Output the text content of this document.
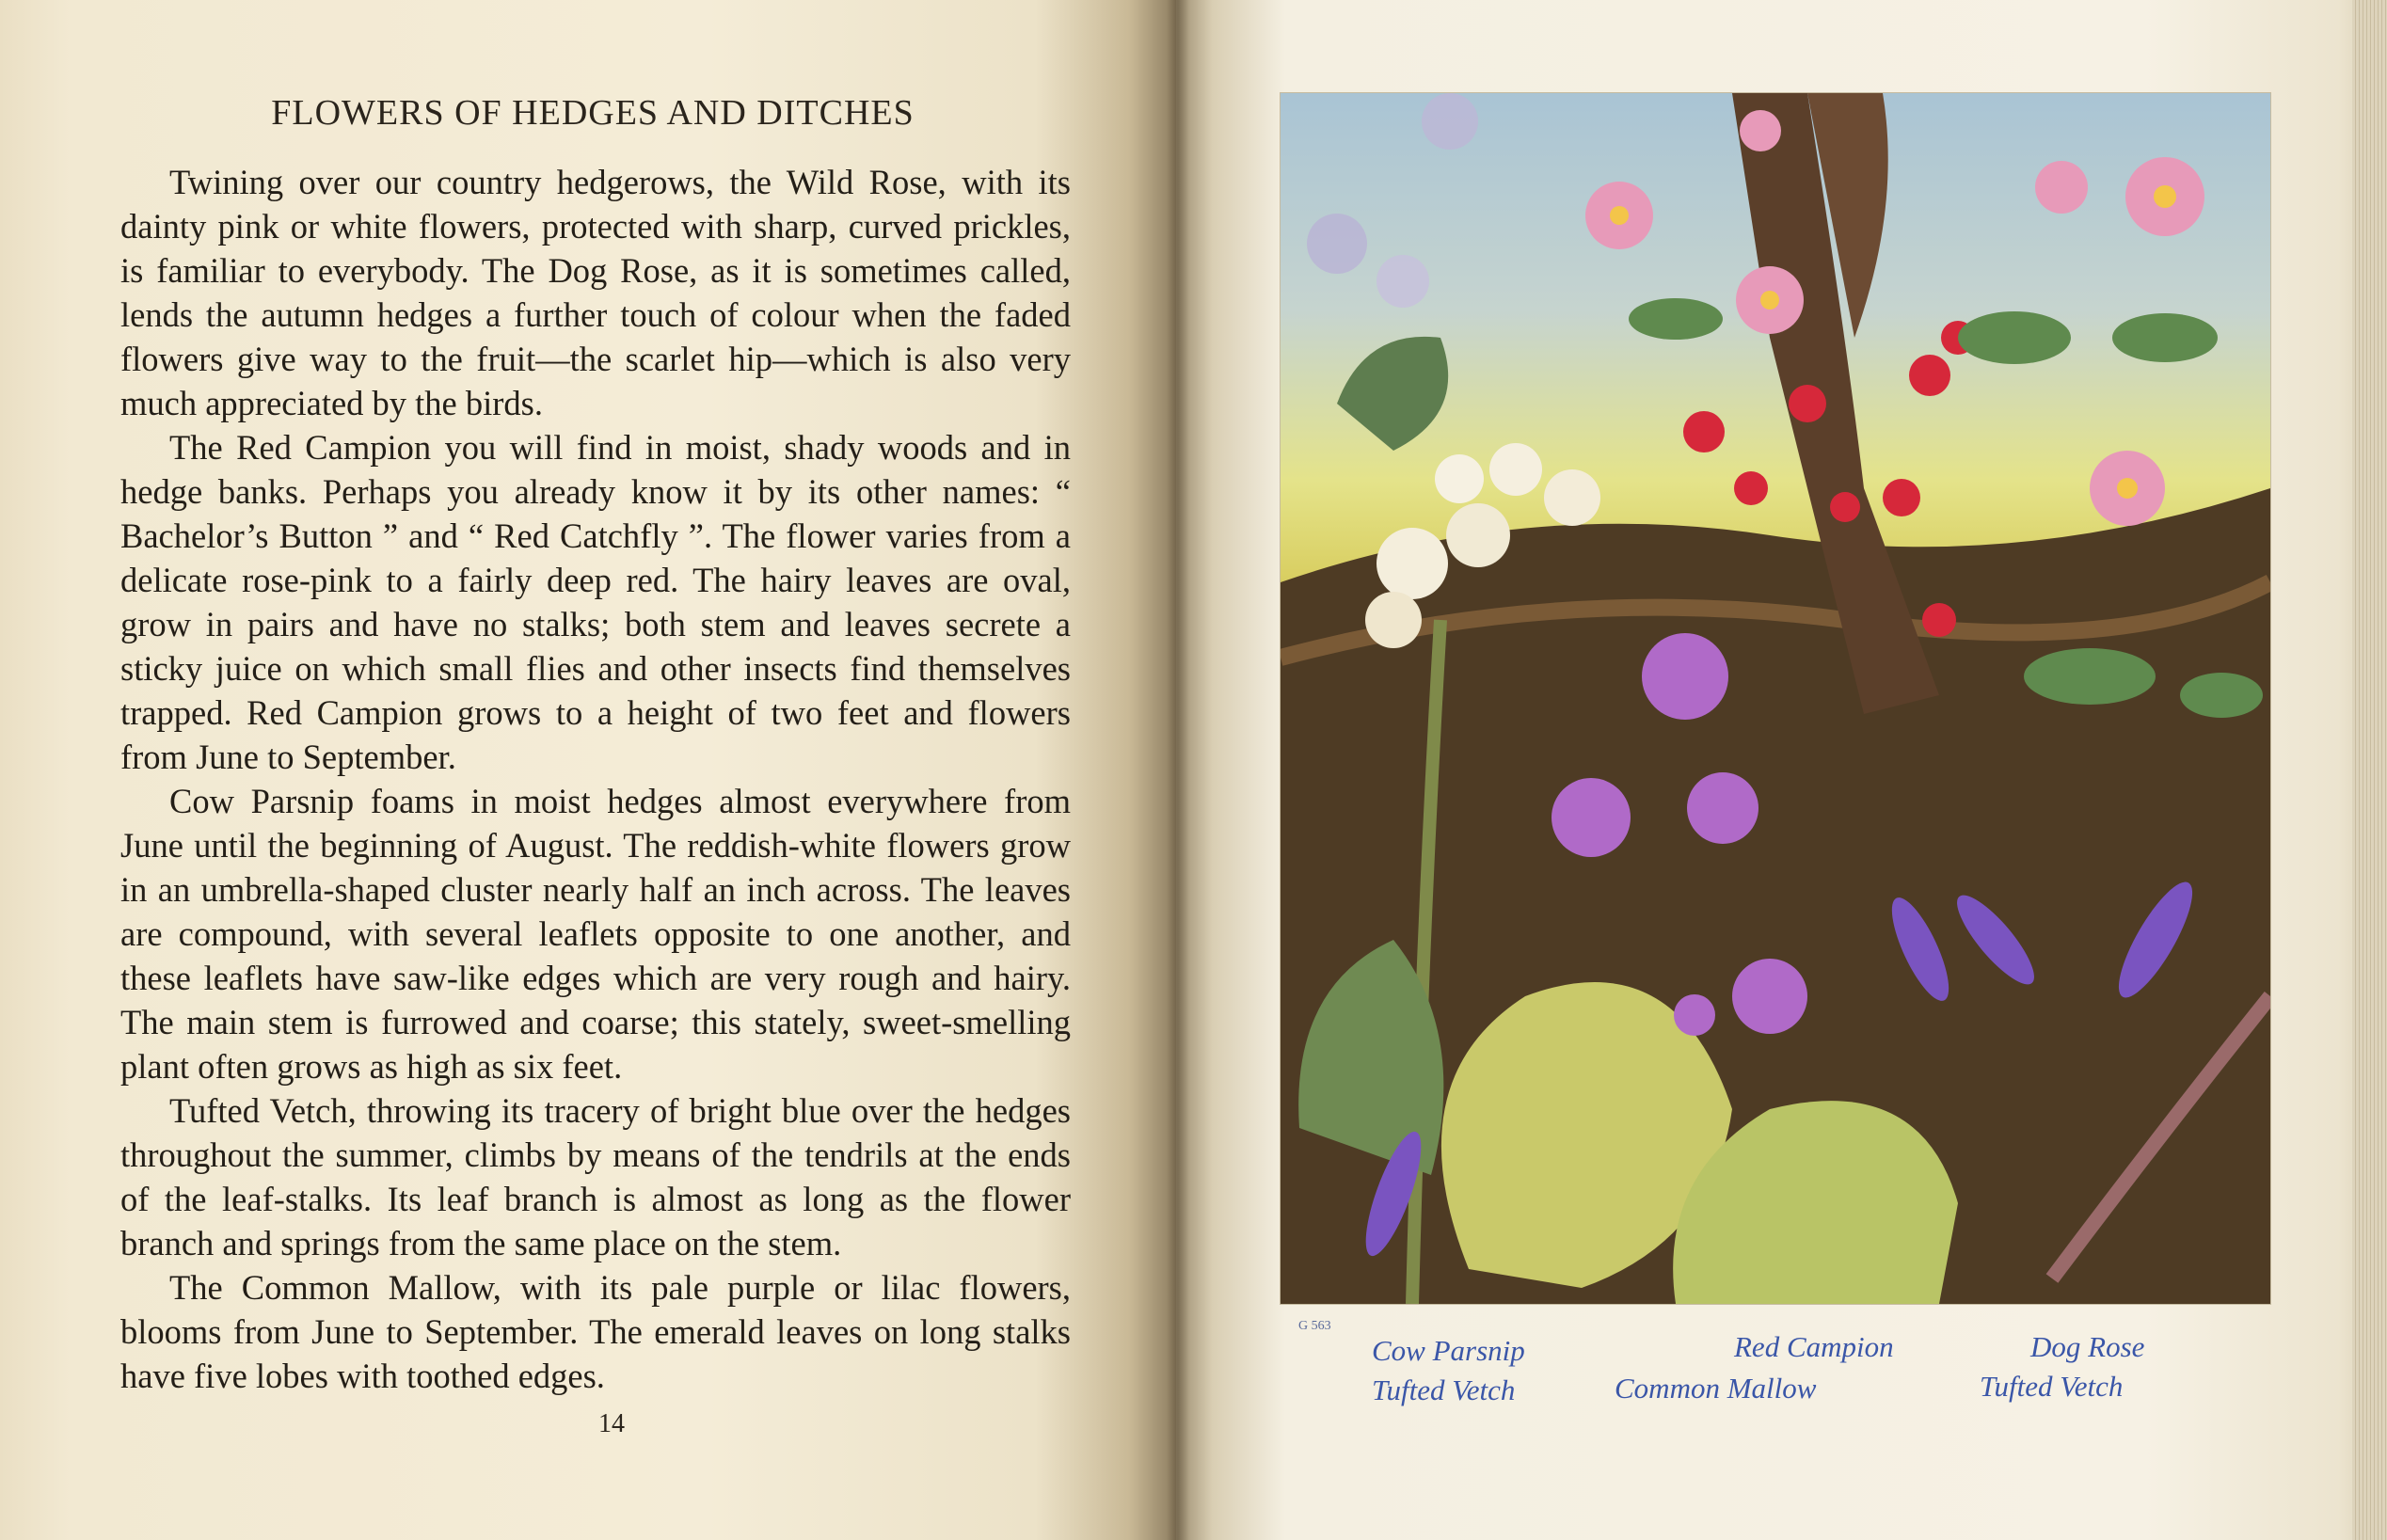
FLOWERS OF HEDGES AND DITCHES

Twining over our country hedgerows, the Wild Rose, with its dainty pink or white flowers, protected with sharp, curved prickles, is familiar to everybody. The Dog Rose, as it is sometimes called, lends the autumn hedges a further touch of colour when the faded flowers give way to the fruit—the scarlet hip—which is also very much appreciated by the birds.

The Red Campion you will find in moist, shady woods and in hedge banks. Perhaps you already know it by its other names: “ Bachelor’s Button ” and “ Red Catchfly ”. The flower varies from a delicate rose-pink to a fairly deep red. The hairy leaves are oval, grow in pairs and have no stalks; both stem and leaves secrete a sticky juice on which small flies and other insects find themselves trapped. Red Campion grows to a height of two feet and flowers from June to September.

Cow Parsnip foams in moist hedges almost everywhere from June until the beginning of August. The reddish-white flowers grow in an umbrella-shaped cluster nearly half an inch across. The leaves are compound, with several leaflets opposite to one another, and these leaflets have saw-like edges which are very rough and hairy. The main stem is furrowed and coarse; this stately, sweet-smelling plant often grows as high as six feet.

Tufted Vetch, throwing its tracery of bright blue over the hedges throughout the summer, climbs by means of the tendrils at the ends of the leaf-stalks. Its leaf branch is almost as long as the flower branch and springs from the same place on the stem.

The Common Mallow, with its pale purple or lilac flowers, blooms from June to September. The emerald leaves on long stalks have five lobes with toothed edges.

14
G 563
Cow Parsnip
Tufted Vetch
Red Campion
Common Mallow
Dog Rose
Tufted Vetch
